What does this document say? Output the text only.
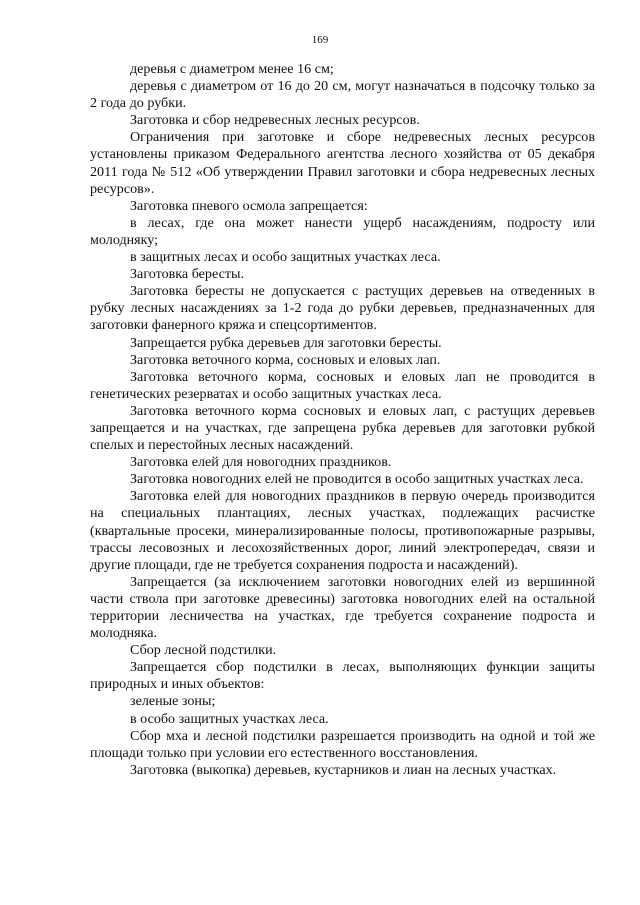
169

деревья с диаметром менее 16 см;

деревья с диаметром от 16 до 20 см, могут назначаться в подсочку только за 2 года до рубки.

Заготовка и сбор недревесных лесных ресурсов.

Ограничения при заготовке и сборе недревесных лесных ресурсов установлены приказом Федерального агентства лесного хозяйства от 05 декабря 2011 года № 512 «Об утверждении Правил заготовки и сбора недревесных лесных ресурсов».

Заготовка пневого осмола запрещается:

в лесах, где она может нанести ущерб насаждениям, подросту или молодняку;

в защитных лесах и особо защитных участках леса.

Заготовка бересты.

Заготовка бересты не допускается с растущих деревьев на отведенных в рубку лесных насаждениях за 1-2 года до рубки деревьев, предназначенных для заготовки фанерного кряжа и спецсортиментов.

Запрещается рубка деревьев для заготовки бересты.

Заготовка веточного корма, сосновых и еловых лап.

Заготовка веточного корма, сосновых и еловых лап не проводится в генетических резерватах и особо защитных участках леса.

Заготовка веточного корма сосновых и еловых лап, с растущих деревьев запрещается и на участках, где запрещена рубка деревьев для заготовки рубкой спелых и перестойных лесных насаждений.

Заготовка елей для новогодних праздников.

Заготовка новогодних елей не проводится в особо защитных участках леса.

Заготовка елей для новогодних праздников в первую очередь производится на специальных плантациях, лесных участках, подлежащих расчистке (квартальные просеки, минерализированные полосы, противопожарные разрывы, трассы лесовозных и лесохозяйственных дорог, линий электропередач, связи и другие площади, где не требуется сохранения подроста и насаждений).

Запрещается (за исключением заготовки новогодних елей из вершинной части ствола при заготовке древесины) заготовка новогодних елей на остальной территории лесничества на участках, где требуется сохранение подроста и молодняка.

Сбор лесной подстилки.

Запрещается сбор подстилки в лесах, выполняющих функции защиты природных и иных объектов:

зеленые зоны;

в особо защитных участках леса.

Сбор мха и лесной подстилки разрешается производить на одной и той же площади только при условии его естественного восстановления.

Заготовка (выкопка) деревьев, кустарников и лиан на лесных участках.
